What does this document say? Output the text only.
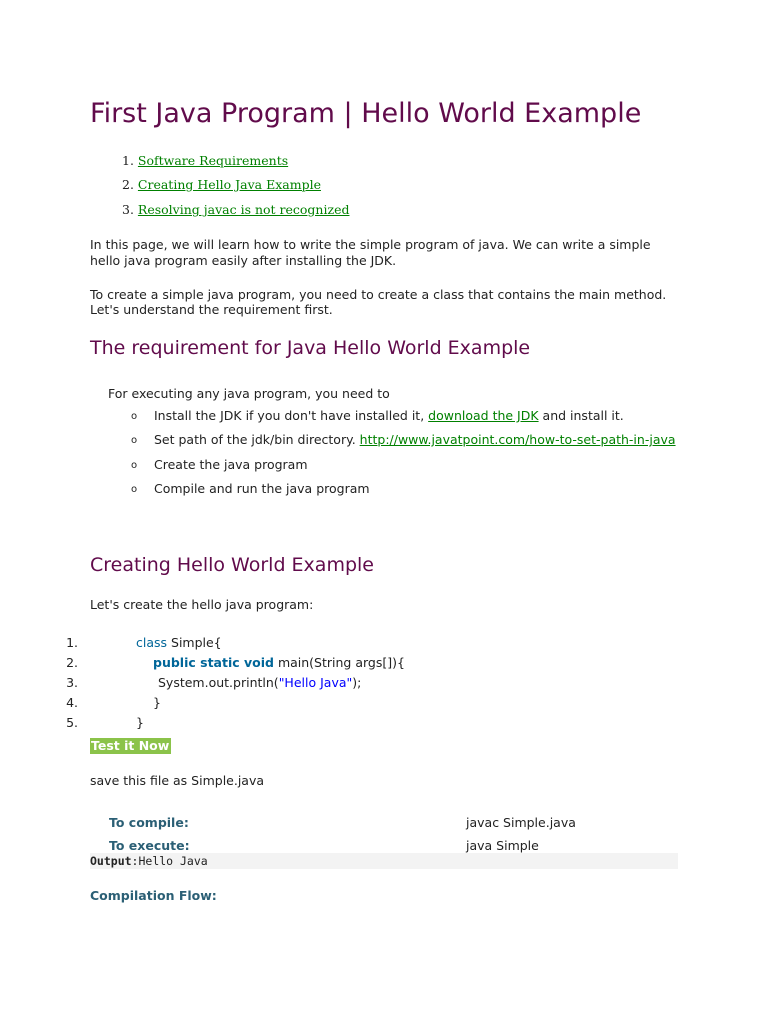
First Java Program | Hello World Example
1. Software Requirements
2. Creating Hello Java Example
3. Resolving javac is not recognized
In this page, we will learn how to write the simple program of java. We can write a simple
hello java program easily after installing the JDK.
To create a simple java program, you need to create a class that contains the main method.
Let's understand the requirement first.
The requirement for Java Hello World Example
For executing any java program, you need to
o Install the JDK if you don't have installed it, download the JDK and install it.
o Set path of the jdk/bin directory. http://www.javatpoint.com/how-to-set-path-in-java
o Create the java program
o Compile and run the java program
Creating Hello World Example
Let's create the hello java program:
1.	class Simple{
2.	public static void main(String args[]){
3.	System.out.println("Hello Java");
4.	}
5.	}
Test it Now
save this file as Simple.java
To compile:	javac Simple.java
To execute:	java Simple
Output:Hello Java
Compilation Flow:
